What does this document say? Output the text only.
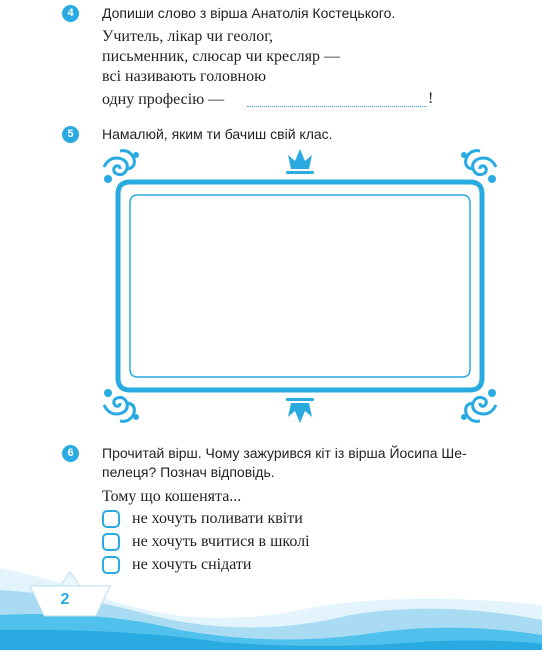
4	Допиши слово з вірша Анатолія Костецького.
Учитель, лікар чи геолог,
письменник, слюсар чи кресляр —
всі називають головною
одну професію —	!
5	Намалюй, яким ти бачиш свій клас.
6	Прочитай вірш. Чому зажурився кіт із вірша Йосипа Ше-
пелеця? Познач відповідь.
Тому що кошенята...
не хочуть поливати квіти
не хочуть вчитися в школі
не хочуть снідати
2	Вік живи — вік учись.
